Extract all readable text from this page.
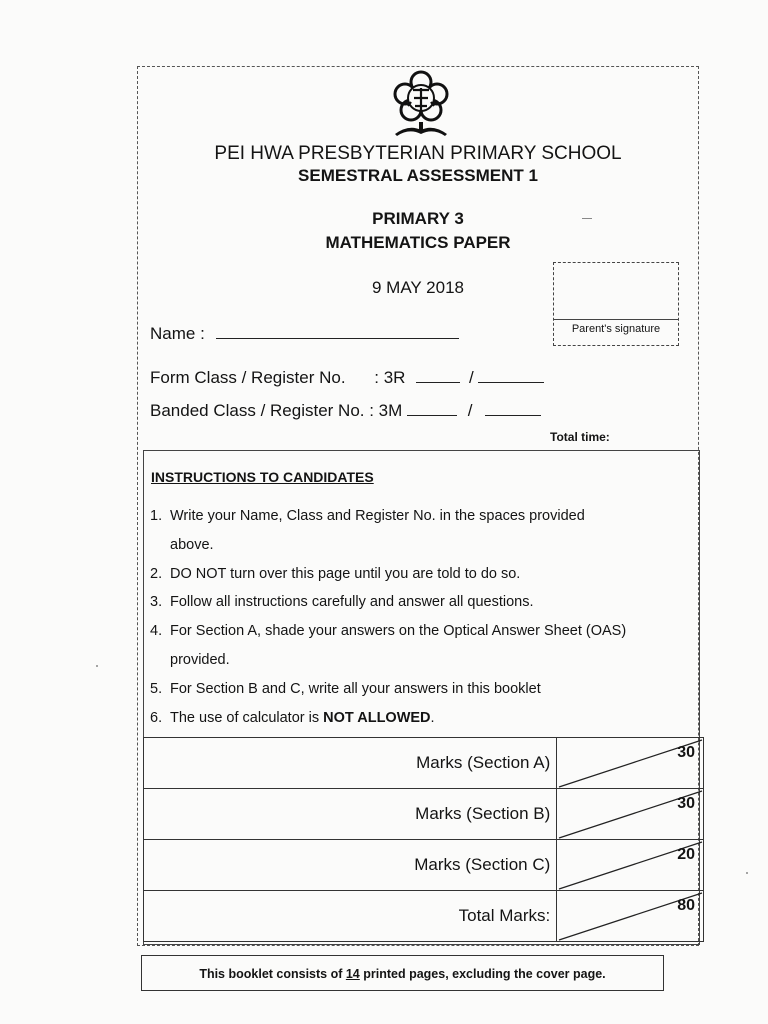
PEI HWA PRESBYTERIAN PRIMARY SCHOOL
SEMESTRAL ASSESSMENT 1
PRIMARY 3
MATHEMATICS PAPER
9 MAY 2018
Parent's signature
Name :
Form Class / Register No. : 3R	/
Banded Class / Register No. : 3M	/
Total time:
INSTRUCTIONS TO CANDIDATES
1. Write your Name, Class and Register No. in the spaces provided
above.
2. DO NOT turn over this page until you are told to do so.
3. Follow all instructions carefully and answer all questions.
4. For Section A, shade your answers on the Optical Answer Sheet (OAS)
provided.
5. For Section B and C, write all your answers in this booklet
6. The use of calculator is NOT ALLOWED.
Marks (Section A)	30
Marks (Section B)	30
Marks (Section C)	20
Total Marks:	80
This booklet consists of 14 printed pages, excluding the cover page.
